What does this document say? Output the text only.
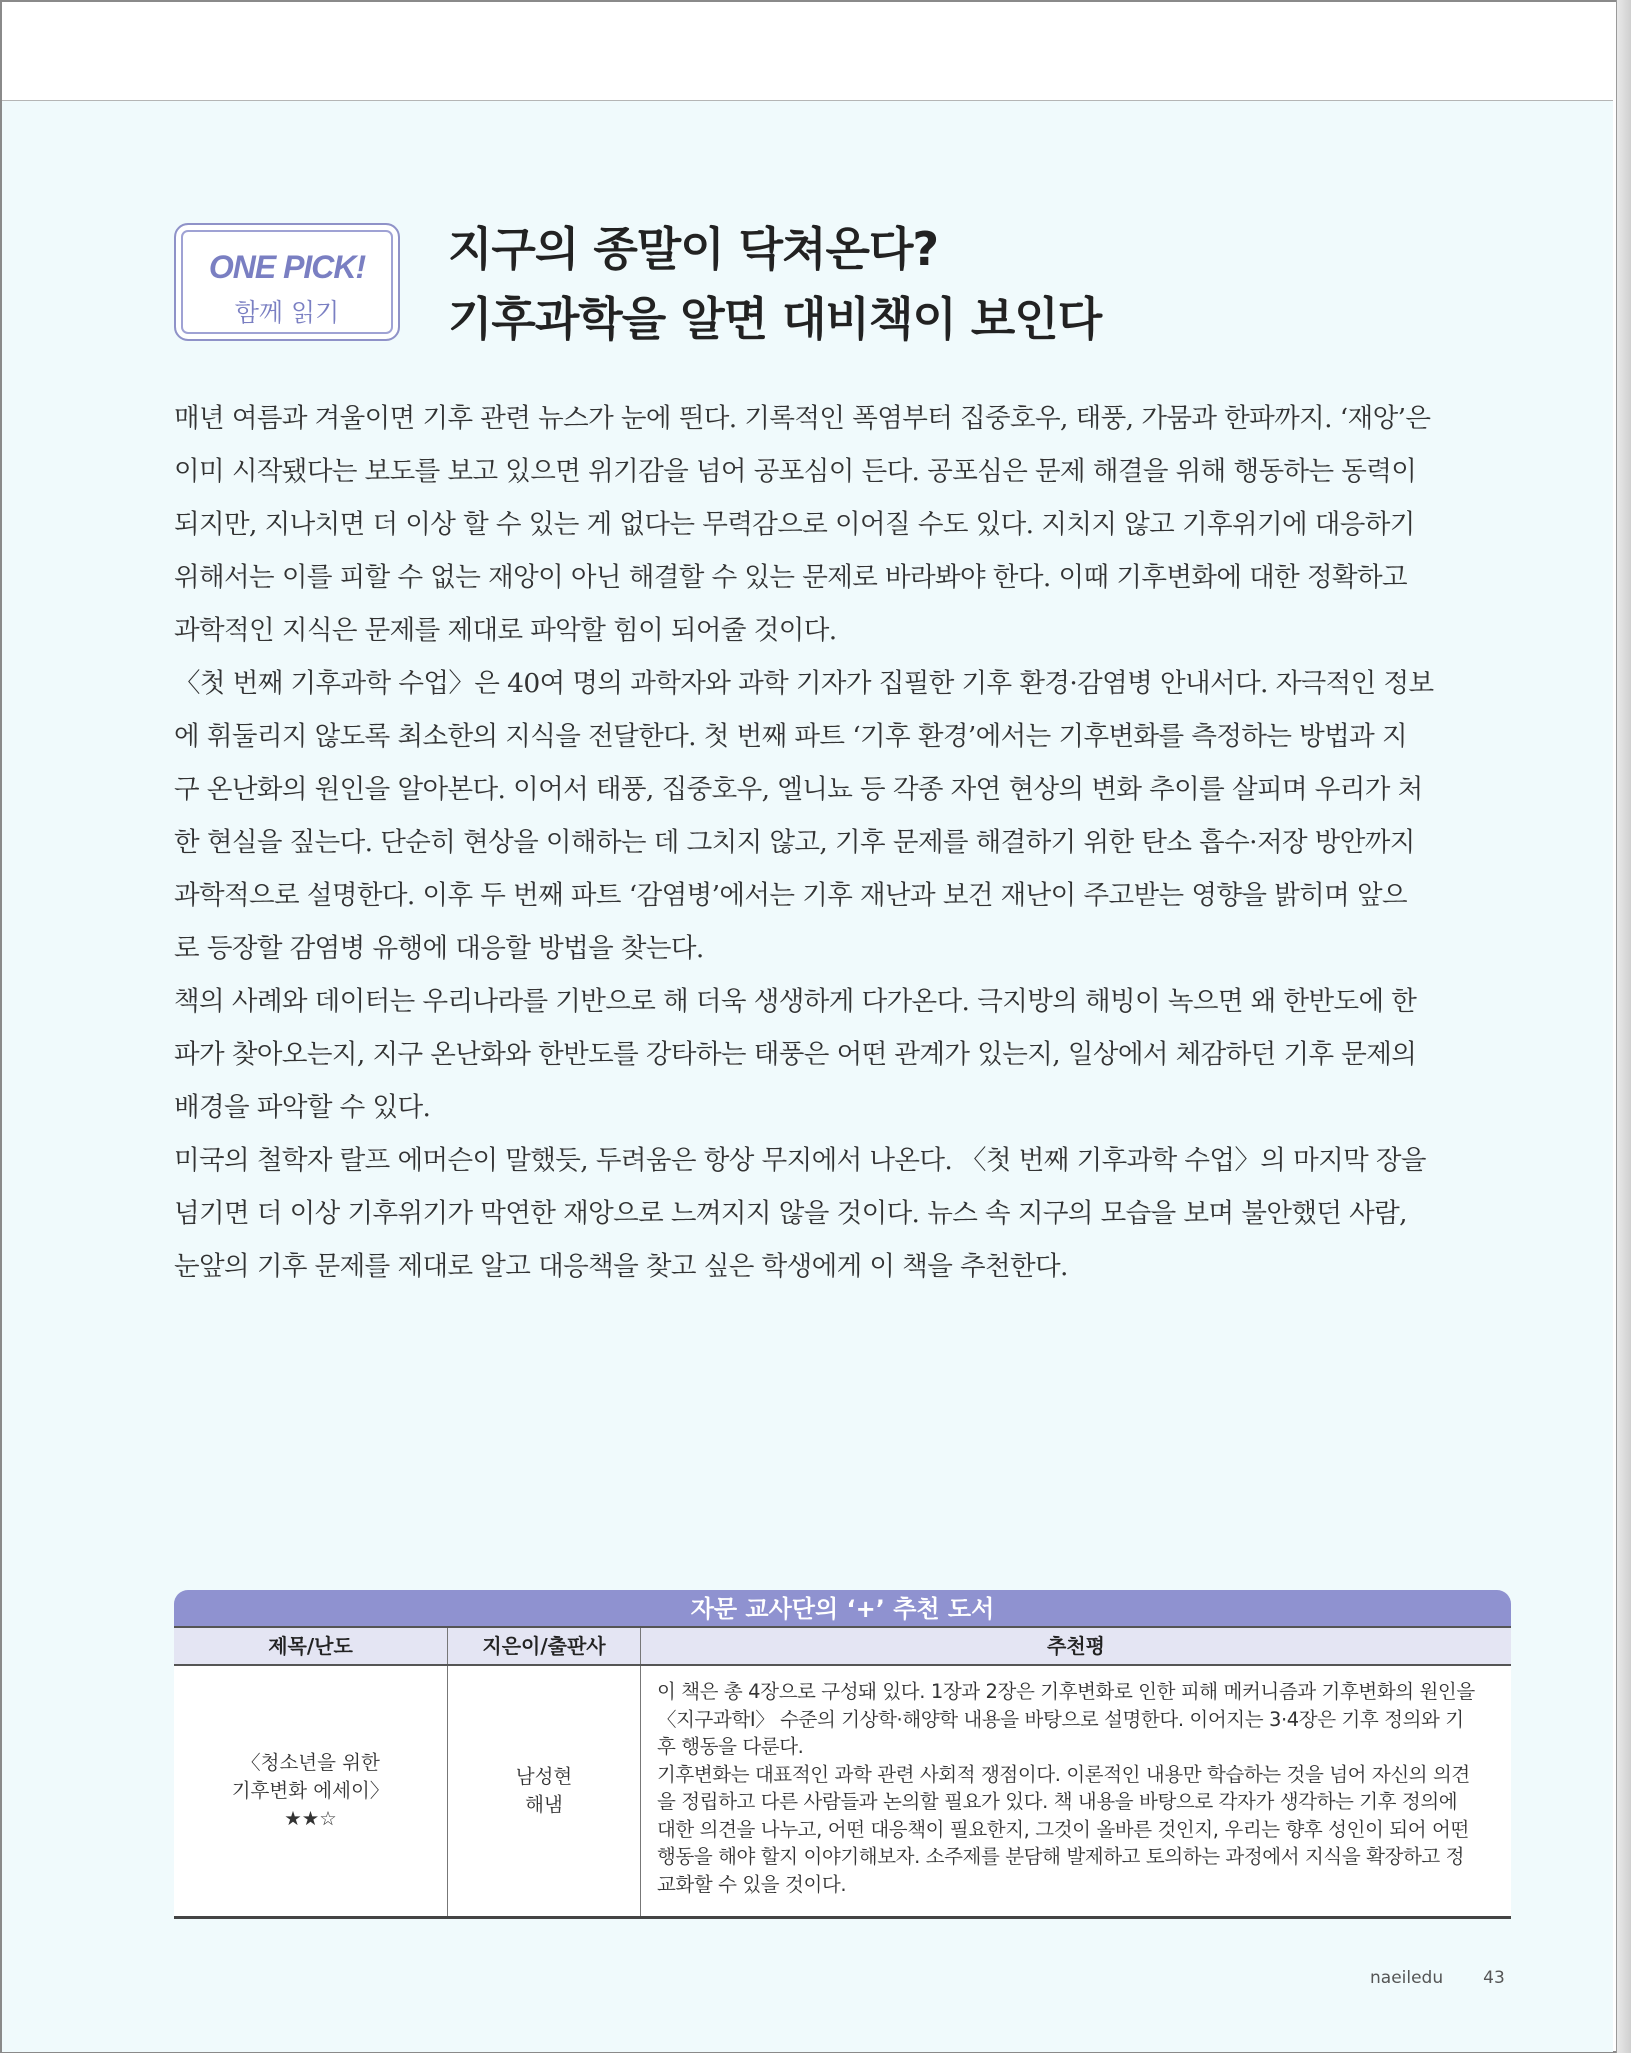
ONE PICK!
함께 읽기
지구의 종말이 닥쳐온다?
기후과학을 알면 대비책이 보인다
매년 여름과 겨울이면 기후 관련 뉴스가 눈에 띈다. 기록적인 폭염부터 집중호우, 태풍, 가뭄과 한파까지. ‘재앙’은
이미 시작됐다는 보도를 보고 있으면 위기감을 넘어 공포심이 든다. 공포심은 문제 해결을 위해 행동하는 동력이
되지만, 지나치면 더 이상 할 수 있는 게 없다는 무력감으로 이어질 수도 있다. 지치지 않고 기후위기에 대응하기
위해서는 이를 피할 수 없는 재앙이 아닌 해결할 수 있는 문제로 바라봐야 한다. 이때 기후변화에 대한 정확하고
과학적인 지식은 문제를 제대로 파악할 힘이 되어줄 것이다.
〈첫 번째 기후과학 수업〉은 40여 명의 과학자와 과학 기자가 집필한 기후 환경·감염병 안내서다. 자극적인 정보
에 휘둘리지 않도록 최소한의 지식을 전달한다. 첫 번째 파트 ‘기후 환경’에서는 기후변화를 측정하는 방법과 지
구 온난화의 원인을 알아본다. 이어서 태풍, 집중호우, 엘니뇨 등 각종 자연 현상의 변화 추이를 살피며 우리가 처
한 현실을 짚는다. 단순히 현상을 이해하는 데 그치지 않고, 기후 문제를 해결하기 위한 탄소 흡수·저장 방안까지
과학적으로 설명한다. 이후 두 번째 파트 ‘감염병’에서는 기후 재난과 보건 재난이 주고받는 영향을 밝히며 앞으
로 등장할 감염병 유행에 대응할 방법을 찾는다.
책의 사례와 데이터는 우리나라를 기반으로 해 더욱 생생하게 다가온다. 극지방의 해빙이 녹으면 왜 한반도에 한
파가 찾아오는지, 지구 온난화와 한반도를 강타하는 태풍은 어떤 관계가 있는지, 일상에서 체감하던 기후 문제의
배경을 파악할 수 있다.
미국의 철학자 랄프 에머슨이 말했듯, 두려움은 항상 무지에서 나온다. 〈첫 번째 기후과학 수업〉의 마지막 장을
넘기면 더 이상 기후위기가 막연한 재앙으로 느껴지지 않을 것이다. 뉴스 속 지구의 모습을 보며 불안했던 사람,
눈앞의 기후 문제를 제대로 알고 대응책을 찾고 싶은 학생에게 이 책을 추천한다.
자문 교사단의 ‘+’ 추천 도서
제목/난도	지은이/출판사	추천평
〈청소년을 위한
기후변화 에세이〉
★★☆
남성현
해냄
이 책은 총 4장으로 구성돼 있다. 1장과 2장은 기후변화로 인한 피해 메커니즘과 기후변화의 원인을
〈지구과학Ⅰ〉 수준의 기상학·해양학 내용을 바탕으로 설명한다. 이어지는 3·4장은 기후 정의와 기
후 행동을 다룬다.
기후변화는 대표적인 과학 관련 사회적 쟁점이다. 이론적인 내용만 학습하는 것을 넘어 자신의 의견
을 정립하고 다른 사람들과 논의할 필요가 있다. 책 내용을 바탕으로 각자가 생각하는 기후 정의에
대한 의견을 나누고, 어떤 대응책이 필요한지, 그것이 올바른 것인지, 우리는 향후 성인이 되어 어떤
행동을 해야 할지 이야기해보자. 소주제를 분담해 발제하고 토의하는 과정에서 지식을 확장하고 정
교화할 수 있을 것이다.
naeiledu 43
